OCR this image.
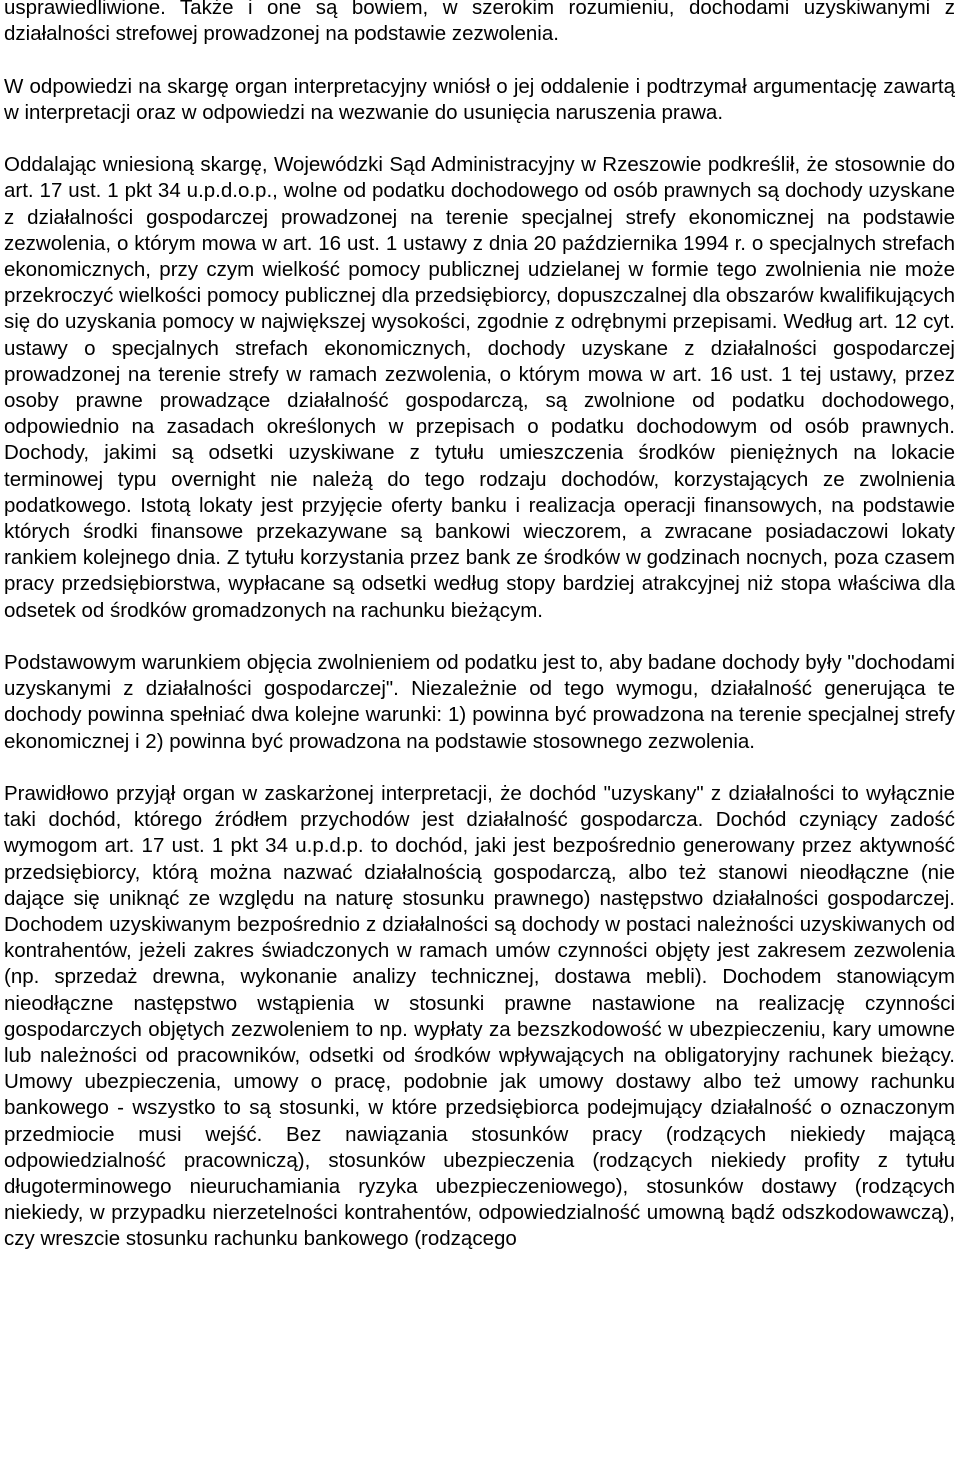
usprawiedliwione. Także i one są bowiem, w szerokim rozumieniu, dochodami uzyskiwanymi z działalności strefowej prowadzonej na podstawie zezwolenia.

W odpowiedzi na skargę organ interpretacyjny wniósł o jej oddalenie i podtrzymał argumentację zawartą w interpretacji oraz w odpowiedzi na wezwanie do usunięcia naruszenia prawa.

Oddalając wniesioną skargę, Wojewódzki Sąd Administracyjny w Rzeszowie podkreślił, że stosownie do art. 17 ust. 1 pkt 34 u.p.d.o.p., wolne od podatku dochodowego od osób prawnych są dochody uzyskane z działalności gospodarczej prowadzonej na terenie specjalnej strefy ekonomicznej na podstawie zezwolenia, o którym mowa w art. 16 ust. 1 ustawy z dnia 20 października 1994 r. o specjalnych strefach ekonomicznych, przy czym wielkość pomocy publicznej udzielanej w formie tego zwolnienia nie może przekroczyć wielkości pomocy publicznej dla przedsiębiorcy, dopuszczalnej dla obszarów kwalifikujących się do uzyskania pomocy w największej wysokości, zgodnie z odrębnymi przepisami. Według art. 12 cyt. ustawy o specjalnych strefach ekonomicznych, dochody uzyskane z działalności gospodarczej prowadzonej na terenie strefy w ramach zezwolenia, o którym mowa w art. 16 ust. 1 tej ustawy, przez osoby prawne prowadzące działalność gospodarczą, są zwolnione od podatku dochodowego, odpowiednio na zasadach określonych w przepisach o podatku dochodowym od osób prawnych. Dochody, jakimi są odsetki uzyskiwane z tytułu umieszczenia środków pieniężnych na lokacie terminowej typu overnight nie należą do tego rodzaju dochodów, korzystających ze zwolnienia podatkowego. Istotą lokaty jest przyjęcie oferty banku i realizacja operacji finansowych, na podstawie których środki finansowe przekazywane są bankowi wieczorem, a zwracane posiadaczowi lokaty rankiem kolejnego dnia. Z tytułu korzystania przez bank ze środków w godzinach nocnych, poza czasem pracy przedsiębiorstwa, wypłacane są odsetki według stopy bardziej atrakcyjnej niż stopa właściwa dla odsetek od środków gromadzonych na rachunku bieżącym.

Podstawowym warunkiem objęcia zwolnieniem od podatku jest to, aby badane dochody były "dochodami uzyskanymi z działalności gospodarczej". Niezależnie od tego wymogu, działalność generująca te dochody powinna spełniać dwa kolejne warunki: 1) powinna być prowadzona na terenie specjalnej strefy ekonomicznej i 2) powinna być prowadzona na podstawie stosownego zezwolenia.

Prawidłowo przyjął organ w zaskarżonej interpretacji, że dochód "uzyskany" z działalności to wyłącznie taki dochód, którego źródłem przychodów jest działalność gospodarcza. Dochód czyniący zadość wymogom art. 17 ust. 1 pkt 34 u.p.d.p. to dochód, jaki jest bezpośrednio generowany przez aktywność przedsiębiorcy, którą można nazwać działalnością gospodarczą, albo też stanowi nieodłączne (nie dające się uniknąć ze względu na naturę stosunku prawnego) następstwo działalności gospodarczej. Dochodem uzyskiwanym bezpośrednio z działalności są dochody w postaci należności uzyskiwanych od kontrahentów, jeżeli zakres świadczonych w ramach umów czynności objęty jest zakresem zezwolenia (np. sprzedaż drewna, wykonanie analizy technicznej, dostawa mebli). Dochodem stanowiącym nieodłączne następstwo wstąpienia w stosunki prawne nastawione na realizację czynności gospodarczych objętych zezwoleniem to np. wypłaty za bezszkodowość w ubezpieczeniu, kary umowne lub należności od pracowników, odsetki od środków wpływających na obligatoryjny rachunek bieżący. Umowy ubezpieczenia, umowy o pracę, podobnie jak umowy dostawy albo też umowy rachunku bankowego - wszystko to są stosunki, w które przedsiębiorca podejmujący działalność o oznaczonym przedmiocie musi wejść. Bez nawiązania stosunków pracy (rodzących niekiedy mającą odpowiedzialność pracowniczą), stosunków ubezpieczenia (rodzących niekiedy profity z tytułu długoterminowego nieuruchamiania ryzyka ubezpieczeniowego), stosunków dostawy (rodzących niekiedy, w przypadku nierzetelności kontrahentów, odpowiedzialność umowną bądź odszkodowawczą), czy wreszcie stosunku rachunku bankowego (rodzącego
